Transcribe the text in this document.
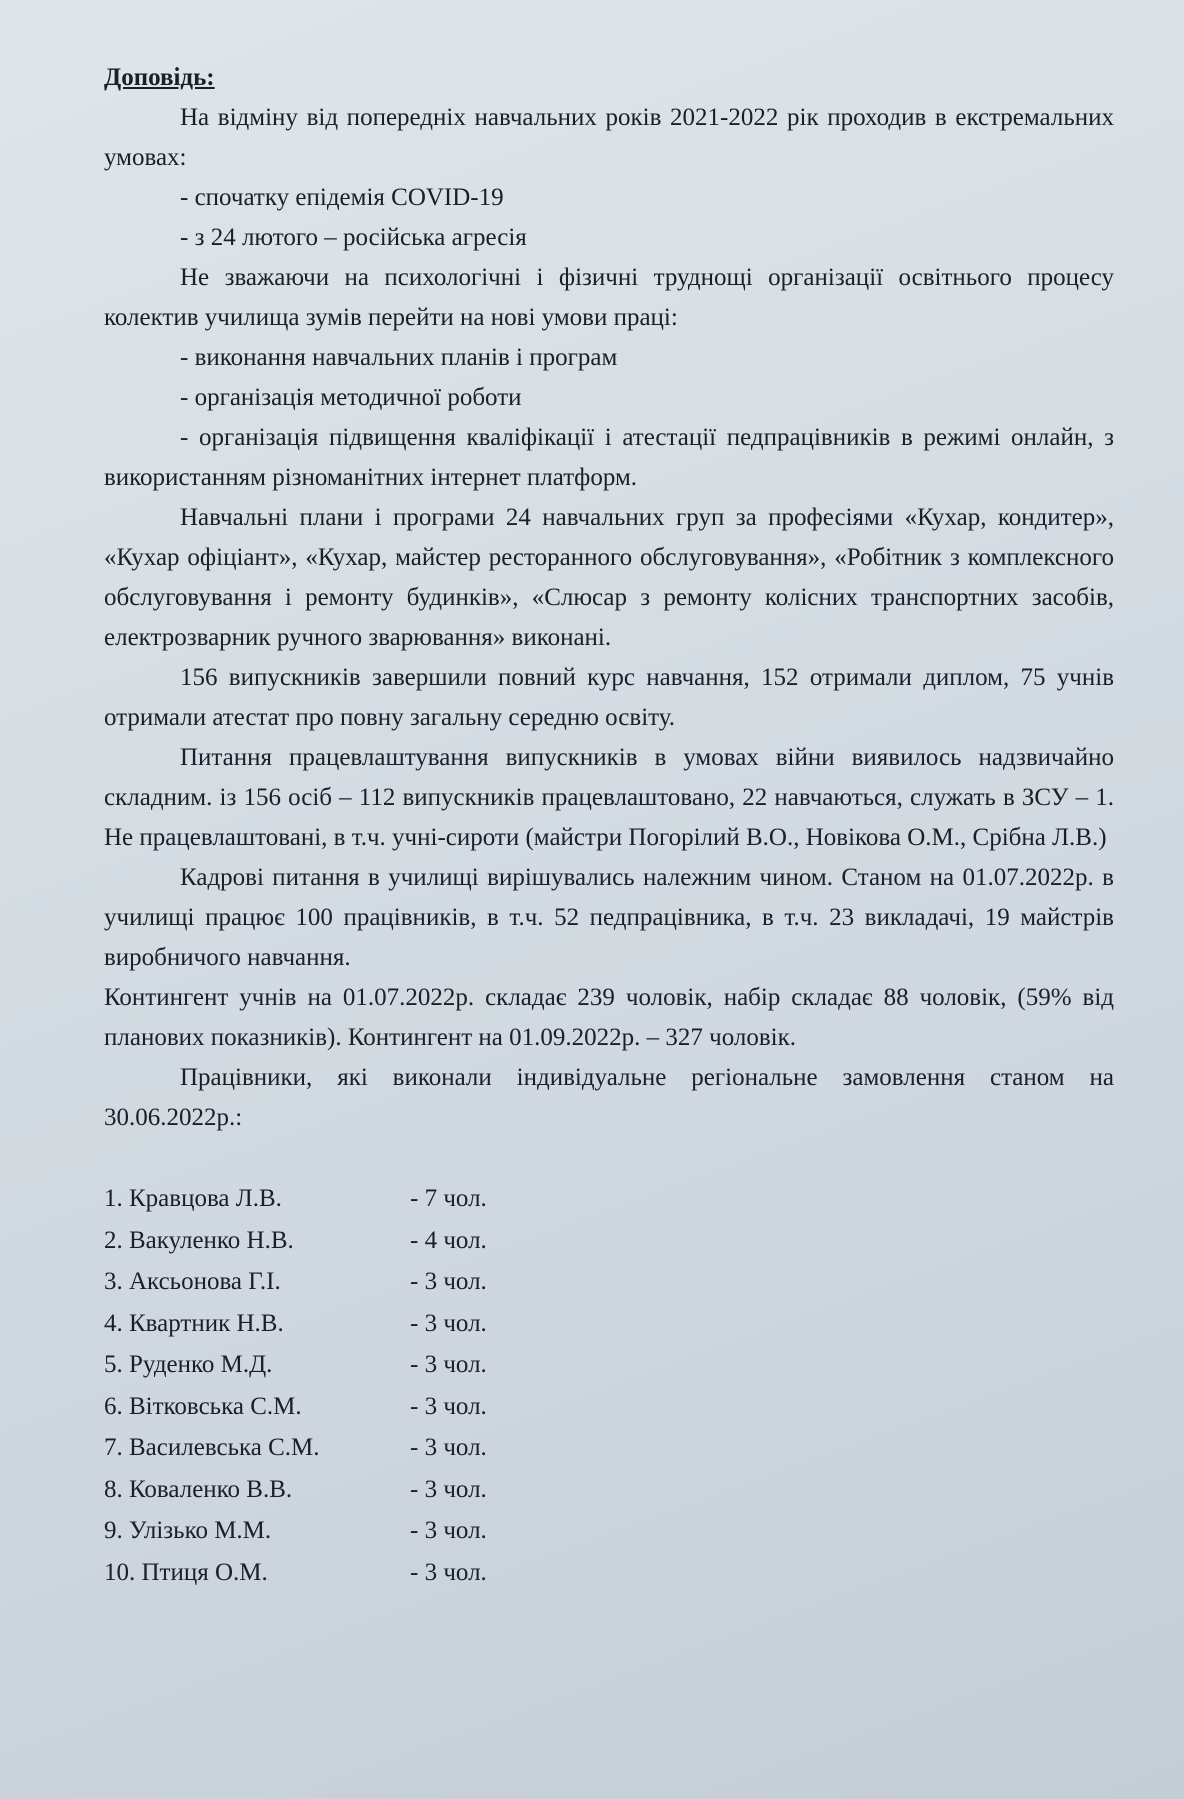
Доповідь:

На відміну від попередніх навчальних років 2021-2022 рік проходив в екстремальних умовах:

- спочатку епідемія COVID-19

- з 24 лютого – російська агресія

Не зважаючи на психологічні і фізичні труднощі організації освітнього процесу колектив училища зумів перейти на нові умови праці:

- виконання навчальних планів і програм

- організація методичної роботи

- організація підвищення кваліфікації і атестації педпрацівників в режимі онлайн, з використанням різноманітних інтернет платформ.

Навчальні плани і програми 24 навчальних груп за професіями «Кухар, кондитер», «Кухар офіціант», «Кухар, майстер ресторанного обслуговування», «Робітник з комплексного обслуговування і ремонту будинків», «Слюсар з ремонту колісних транспортних засобів, електрозварник ручного зварювання» виконані.

156 випускників завершили повний курс навчання, 152 отримали диплом, 75 учнів отримали атестат про повну загальну середню освіту.

Питання працевлаштування випускників в умовах війни виявилось надзвичайно складним. із 156 осіб – 112 випускників працевлаштовано, 22 навчаються, служать в ЗСУ – 1. Не працевлаштовані, в т.ч. учні-сироти (майстри Погорілий В.О., Новікова О.М., Срібна Л.В.)

Кадрові питання в училищі вирішувались належним чином. Станом на 01.07.2022р. в училищі працює 100 працівників, в т.ч. 52 педпрацівника, в т.ч. 23 викладачі, 19 майстрів виробничого навчання.

Контингент учнів на 01.07.2022р. складає 239 чоловік, набір складає 88 чоловік, (59% від планових показників). Контингент на 01.09.2022р. – 327 чоловік.

Працівники, які виконали індивідуальне регіональне замовлення станом на 30.06.2022р.:

1. Кравцова Л.В.	- 7 чол.
2. Вакуленко Н.В.	- 4 чол.
3. Аксьонова Г.І.	- 3 чол.
4. Квартник Н.В.	- 3 чол.
5. Руденко М.Д.	- 3 чол.
6. Вітковська С.М.	- 3 чол.
7. Василевська С.М.	- 3 чол.
8. Коваленко В.В.	- 3 чол.
9. Улізько М.М.	- 3 чол.
10. Птиця О.М.	- 3 чол.
